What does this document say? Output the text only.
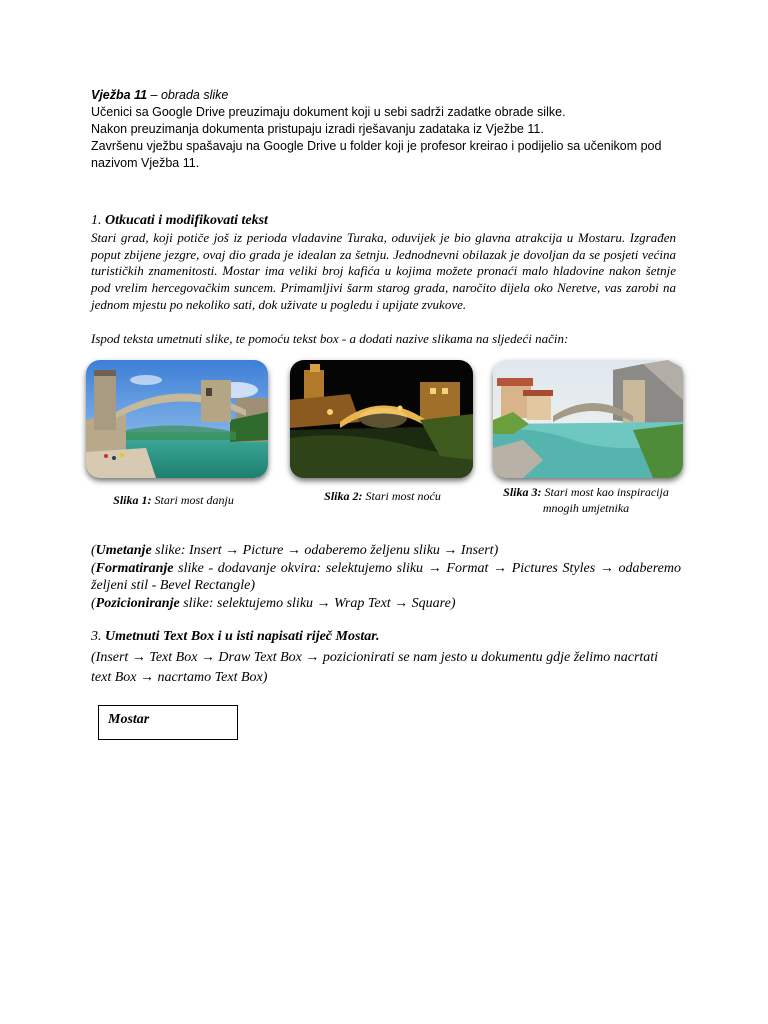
Vježba 11 – obrada slike
Učenici sa Google Drive preuzimaju dokument koji u sebi sadrži zadatke obrade silke.
Nakon preuzimanja dokumenta pristupaju izradi rješavanju zadataka iz Vježbe 11.
Završenu vježbu spašavaju na Google Drive u folder koji je profesor kreirao i podijelio sa učenikom pod
nazivom Vježba 11.
1. Otkucati i modifikovati tekst
Stari grad, koji potiče još iz perioda vladavine Turaka, oduvijek je bio glavna atrakcija u Mostaru. Izgrađen poput zbijene jezgre, ovaj dio grada je idealan za šetnju. Jednodnevni obilazak je dovoljan da se posjeti većina turističkih znamenitosti. Mostar ima veliki broj kafića u kojima možete pronaći malo hladovine nakon šetnje pod vrelim hercegovačkim suncem. Primamljivi šarm starog grada, naročito dijela oko Neretve, vas zarobi na jednom mjestu po nekoliko sati, dok uživate u pogledu i upijate zvukove.
Ispod teksta umetnuti slike, te pomoću tekst box - a dodati nazive slikama na sljedeći način:
Slika 1: Stari most danju	Slika 2: Stari most noću	Slika 3: Stari most kao inspiracija mnogih umjetnika
(Umetanje slike: Insert → Picture → odaberemo željenu sliku → Insert)
(Formatiranje slike - dodavanje okvira: selektujemo sliku → Format → Pictures Styles → odaberemo željeni stil - Bevel Rectangle)
(Pozicioniranje slike: selektujemo sliku → Wrap Text → Square)
3. Umetnuti Text Box i u isti napisati riječ Mostar.
(Insert → Text Box → Draw Text Box → pozicionirati se nam jesto u dokumentu gdje želimo nacrtati text Box → nacrtamo Text Box)
Mostar
